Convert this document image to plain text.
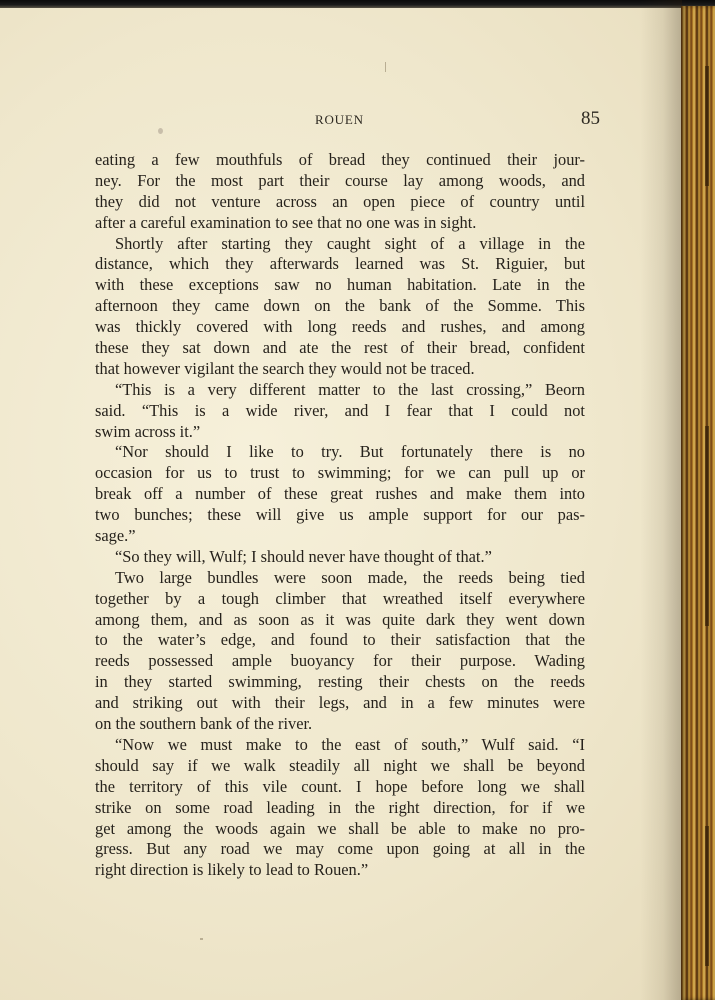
ROUEN	85
eating a few mouthfuls of bread they continued their jour-
ney. For the most part their course lay among woods, and
they did not venture across an open piece of country until
after a careful examination to see that no one was in sight.
Shortly after starting they caught sight of a village in the
distance, which they afterwards learned was St. Riguier, but
with these exceptions saw no human habitation. Late in the
afternoon they came down on the bank of the Somme. This
was thickly covered with long reeds and rushes, and among
these they sat down and ate the rest of their bread, confident
that however vigilant the search they would not be traced.
“This is a very different matter to the last crossing,” Beorn
said. “This is a wide river, and I fear that I could not
swim across it.”
“Nor should I like to try. But fortunately there is no
occasion for us to trust to swimming; for we can pull up or
break off a number of these great rushes and make them into
two bunches; these will give us ample support for our pas-
sage.”
“So they will, Wulf; I should never have thought of that.”
Two large bundles were soon made, the reeds being tied
together by a tough climber that wreathed itself everywhere
among them, and as soon as it was quite dark they went down
to the water’s edge, and found to their satisfaction that the
reeds possessed ample buoyancy for their purpose. Wading
in they started swimming, resting their chests on the reeds
and striking out with their legs, and in a few minutes were
on the southern bank of the river.
“Now we must make to the east of south,” Wulf said. “I
should say if we walk steadily all night we shall be beyond
the territory of this vile count. I hope before long we shall
strike on some road leading in the right direction, for if we
get among the woods again we shall be able to make no pro-
gress. But any road we may come upon going at all in the
right direction is likely to lead to Rouen.”
